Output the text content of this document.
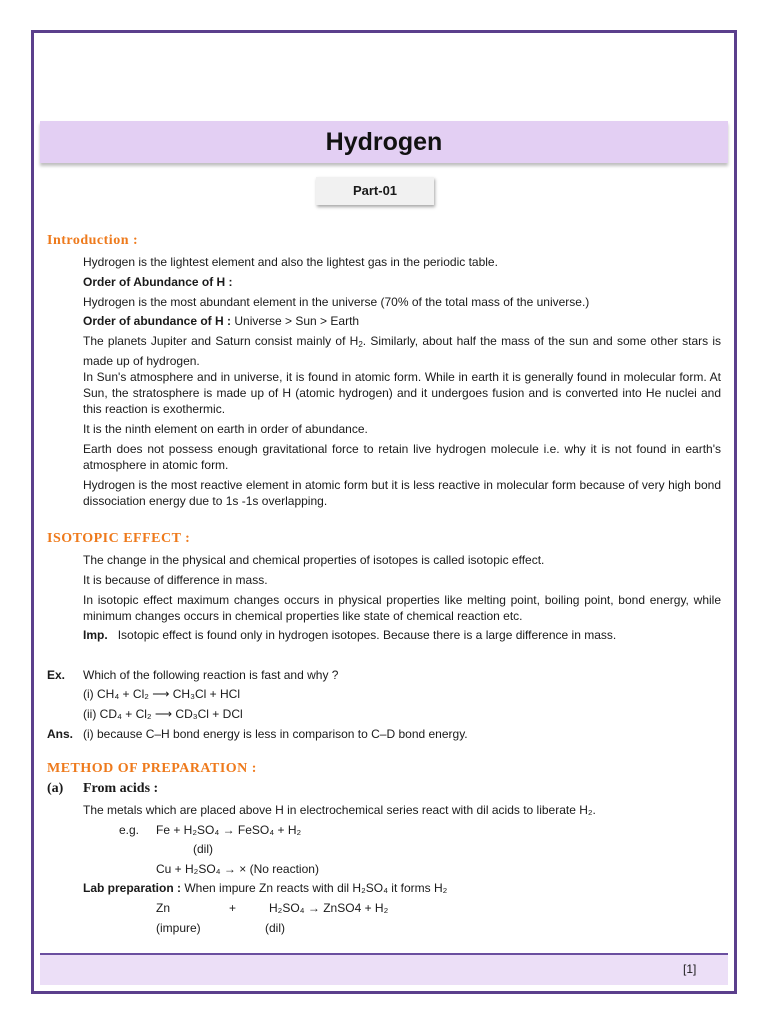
Hydrogen
Part-01
Introduction :
Hydrogen is the lightest element and also the lightest gas in the periodic table.
Order of Abundance of H :
Hydrogen is the most abundant element in the universe (70% of the total mass of the universe.)
Order of abundance of H : Universe > Sun > Earth
The planets Jupiter and Saturn consist mainly of $H_2$. Similarly, about half the mass of the sun and some other stars is made up of hydrogen.
In Sun's atmosphere and in universe, it is found in atomic form. While in earth it is generally found in molecular form. At Sun, the stratosphere is made up of H (atomic hydrogen) and it undergoes fusion and is converted into He nuclei and this reaction is exothermic.
It is the ninth element on earth in order of abundance.
Earth does not possess enough gravitational force to retain live hydrogen molecule i.e. why it is not found in earth's atmosphere in atomic form.
Hydrogen is the most reactive element in atomic form but it is less reactive in molecular form because of very high bond dissociation energy due to 1s -1s overlapping.
ISOTOPIC EFFECT :
The change in the physical and chemical properties of isotopes is called isotopic effect.
It is because of difference in mass.
In isotopic effect maximum changes occurs in physical properties like melting point, boiling point, bond energy, while minimum changes occurs in chemical properties like state of chemical reaction etc.
Imp. Isotopic effect is found only in hydrogen isotopes. Because there is a large difference in mass.
Ex. Which of the following reaction is fast and why ?
(i) CH₄ + Cl₂ ⟶ CH₃Cl + HCl
(ii) CD₄ + Cl₂ ⟶ CD₃Cl + DCl
Ans. (i) because C–H bond energy is less in comparison to C–D bond energy.
METHOD OF PREPARATION :
(a) From acids :
The metals which are placed above H in electrochemical series react with dil acids to liberate H₂.
e.g. Fe + H₂SO₄ → FeSO₄ + H₂
(dil)
Cu + H₂SO₄ → × (No reaction)
Lab preparation : When impure Zn reacts with dil H₂SO₄ it forms H₂
Zn	+	H₂SO₄ → ZnSO4 + H₂
(impure)	(dil)
[1]
